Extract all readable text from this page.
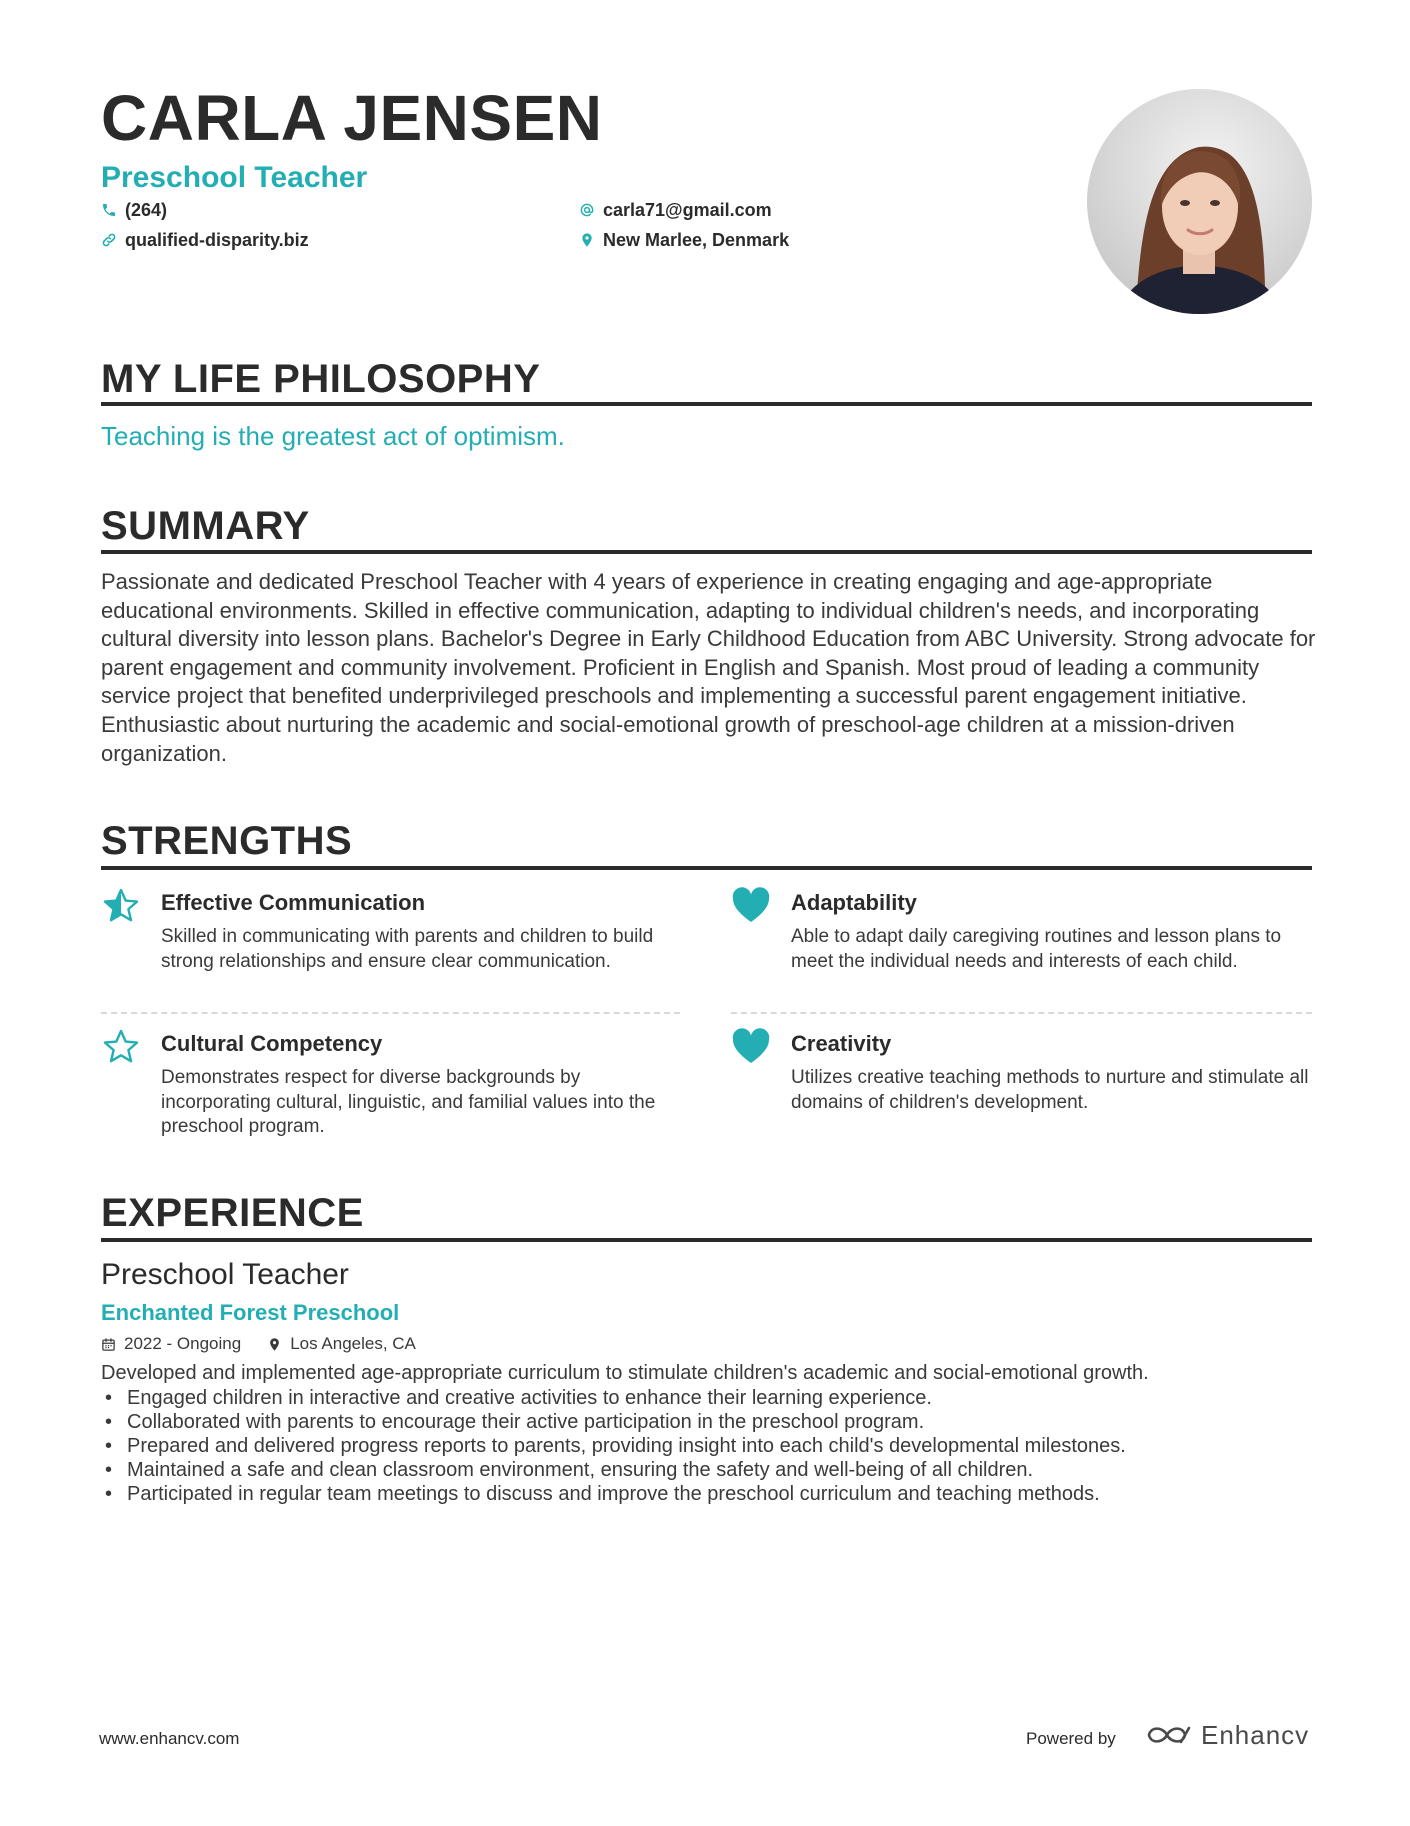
CARLA JENSEN
Preschool Teacher
(264)
qualified-disparity.biz
carla71@gmail.com
New Marlee, Denmark
MY LIFE PHILOSOPHY
Teaching is the greatest act of optimism.
SUMMARY

Passionate and dedicated Preschool Teacher with 4 years of experience in creating engaging and age-appropriate educational environments. Skilled in effective communication, adapting to individual children's needs, and incorporating cultural diversity into lesson plans. Bachelor's Degree in Early Childhood Education from ABC University. Strong advocate for parent engagement and community involvement. Proficient in English and Spanish. Most proud of leading a community service project that benefited underprivileged preschools and implementing a successful parent engagement initiative. Enthusiastic about nurturing the academic and social-emotional growth of preschool-age children at a mission-driven organization.

STRENGTHS
Effective Communication

Skilled in communicating with parents and children to build strong relationships and ensure clear communication.

Adaptability

Able to adapt daily caregiving routines and lesson plans to meet the individual needs and interests of each child.

Cultural Competency

Demonstrates respect for diverse backgrounds by incorporating cultural, linguistic, and familial values into the preschool program.

Creativity

Utilizes creative teaching methods to nurture and stimulate all domains of children's development.

EXPERIENCE
Preschool Teacher
Enchanted Forest Preschool
2022 - Ongoing	Los Angeles, CA
Developed and implemented age-appropriate curriculum to stimulate children's academic and social-emotional growth.
• Engaged children in interactive and creative activities to enhance their learning experience.
• Collaborated with parents to encourage their active participation in the preschool program.
• Prepared and delivered progress reports to parents, providing insight into each child's developmental milestones.
• Maintained a safe and clean classroom environment, ensuring the safety and well-being of all children.
• Participated in regular team meetings to discuss and improve the preschool curriculum and teaching methods.
www.enhancv.com	Powered by	Enhancv
